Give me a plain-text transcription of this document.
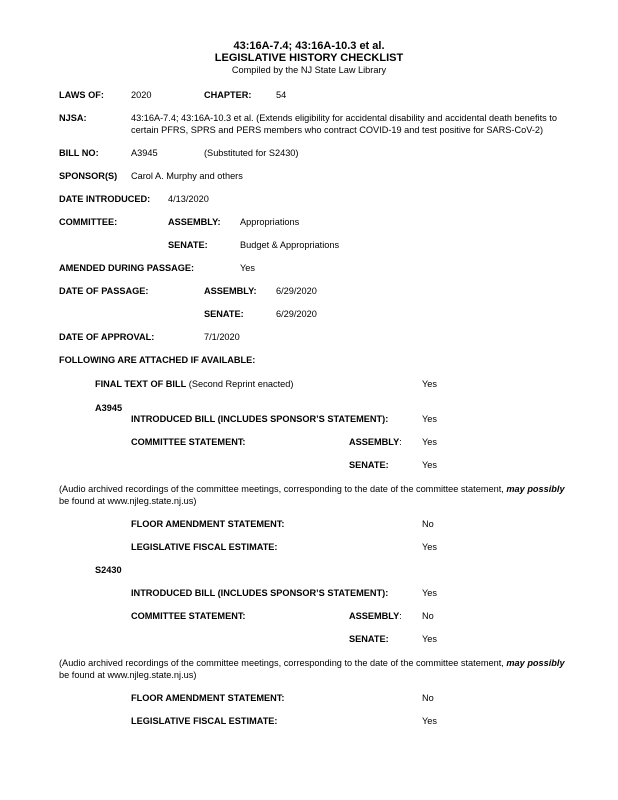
43:16A-7.4; 43:16A-10.3 et al.
LEGISLATIVE HISTORY CHECKLIST
Compiled by the NJ State Law Library
LAWS OF:	2020	CHAPTER:	54
NJSA:	43:16A-7.4; 43:16A-10.3 et al. (Extends eligibility for accidental disability and accidental death benefits to
certain PFRS, SPRS and PERS members who contract COVID-19 and test positive for SARS-CoV-2)
BILL NO:	A3945	(Substituted for S2430)
SPONSOR(S) Carol A. Murphy and others
DATE INTRODUCED: 4/13/2020
COMMITTEE:	ASSEMBLY: Appropriations
SENATE:	Budget & Appropriations
AMENDED DURING PASSAGE:	Yes
DATE OF PASSAGE:	ASSEMBLY: 6/29/2020
SENATE:	6/29/2020
DATE OF APPROVAL:	7/1/2020
FOLLOWING ARE ATTACHED IF AVAILABLE:
FINAL TEXT OF BILL (Second Reprint enacted)	Yes
A3945
INTRODUCED BILL (INCLUDES SPONSOR’S STATEMENT):	Yes
COMMITTEE STATEMENT:	ASSEMBLY: Yes
SENATE:	Yes
(Audio archived recordings of the committee meetings, corresponding to the date of the committee statement, may possibly
be found at www.njleg.state.nj.us)
FLOOR AMENDMENT STATEMENT:	No
LEGISLATIVE FISCAL ESTIMATE:	Yes
S2430
INTRODUCED BILL (INCLUDES SPONSOR’S STATEMENT):	Yes
COMMITTEE STATEMENT:	ASSEMBLY: No
SENATE:	Yes
(Audio archived recordings of the committee meetings, corresponding to the date of the committee statement, may possibly
be found at www.njleg.state.nj.us)
FLOOR AMENDMENT STATEMENT:	No
LEGISLATIVE FISCAL ESTIMATE:	Yes
